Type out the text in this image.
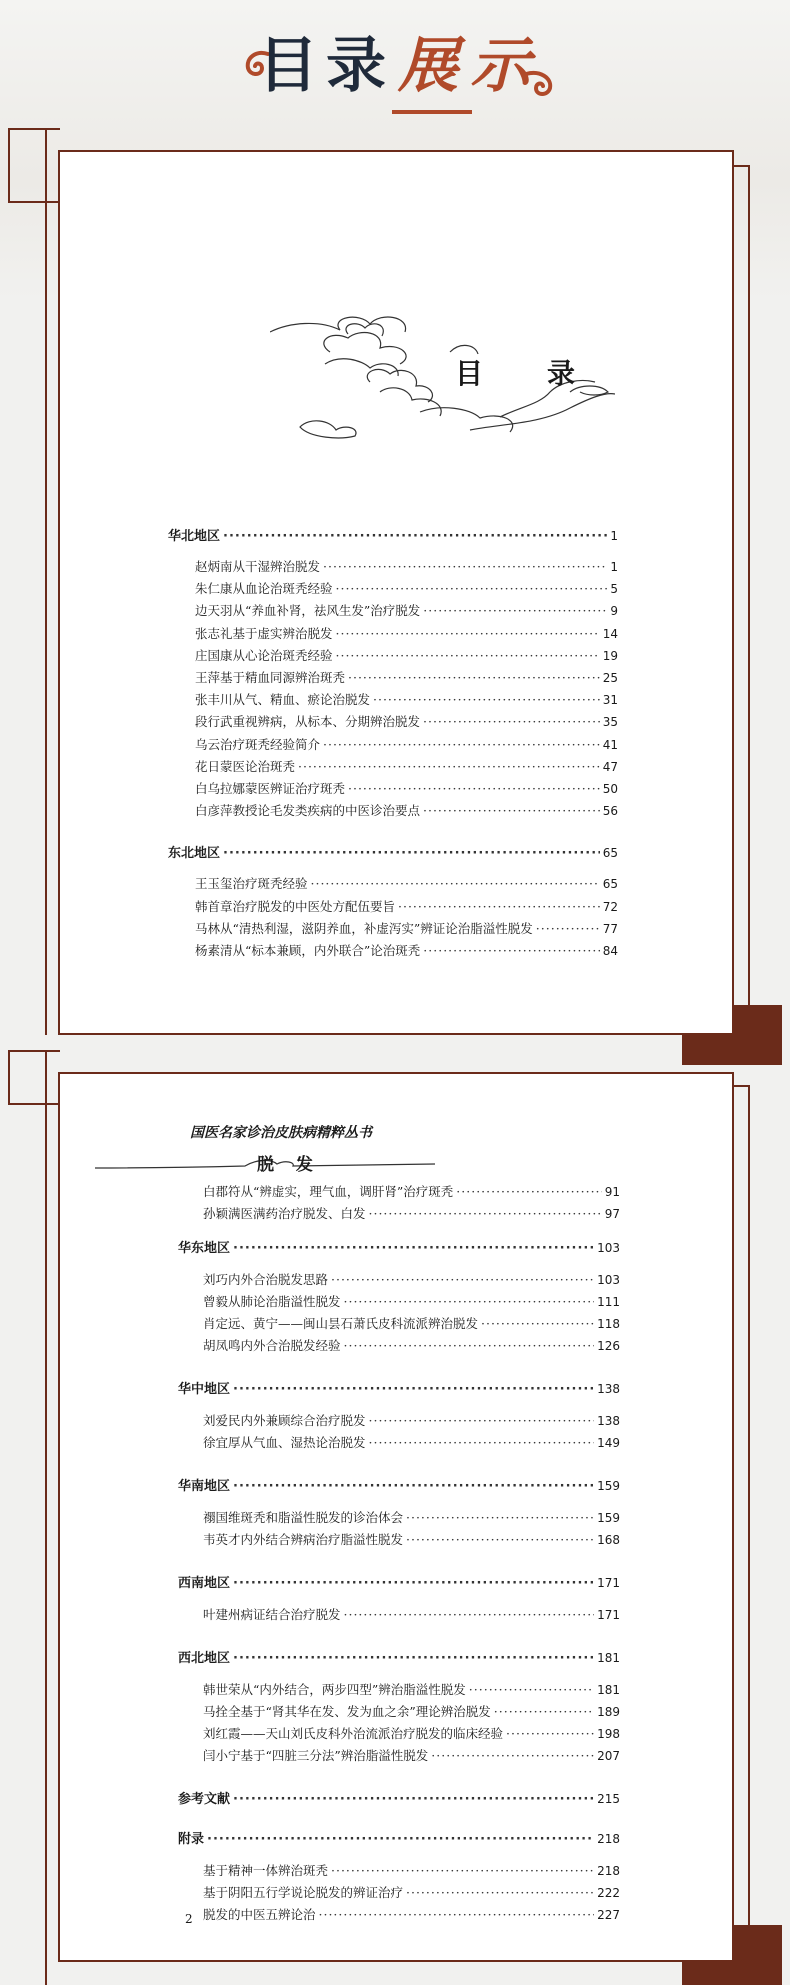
目 录 展 示
目　录
华北地区 ·····	1
赵炳南从干湿辨治脱发 ·····	1
朱仁康从血论治斑秃经验 ·····	5
边天羽从“养血补肾，祛风生发”治疗脱发 ·····	9
张志礼基于虚实辨治脱发 ·····	14
庄国康从心论治斑秃经验 ·····	19
王萍基于精血同源辨治斑秃 ·····	25
张丰川从气、精血、瘀论治脱发 ·····	31
段行武重视辨病，从标本、分期辨治脱发 ·····	35
乌云治疗斑秃经验简介 ·····	41
花日蒙医论治斑秃 ·····	47
白乌拉娜蒙医辨证治疗斑秃 ·····	50
白彦萍教授论毛发类疾病的中医诊治要点 ·····	56
东北地区 ·····	65
王玉玺治疗斑秃经验 ·····	65
韩首章治疗脱发的中医处方配伍要旨 ·····	72
马林从“清热利湿，滋阴养血，补虚泻实”辨证论治脂溢性脱发 ·····	77
杨素清从“标本兼顾，内外联合”论治斑秃 ·····	84
国医名家诊治皮肤病精粹丛书
脱 发
白郡符从“辨虚实，理气血，调肝肾”治疗斑秃 ·····	91
孙颖满医满药治疗脱发、白发 ·····	97
华东地区 ·····	103
刘巧内外合治脱发思路 ·····	103
曾毅从肺论治脂溢性脱发 ·····	111
肖定远、黄宁——闽山昙石萧氏皮科流派辨治脱发 ·····	118
胡凤鸣内外合治脱发经验 ·····	126
华中地区 ·····	138
刘爱民内外兼顾综合治疗脱发 ·····	138
徐宜厚从气血、湿热论治脱发 ·····	149
华南地区 ·····	159
禤国维斑秃和脂溢性脱发的诊治体会 ·····	159
韦英才内外结合辨病治疗脂溢性脱发 ·····	168
西南地区 ·····	171
叶建州病证结合治疗脱发 ·····	171
西北地区 ·····	181
韩世荣从“内外结合，两步四型”辨治脂溢性脱发 ·····	181
马拴全基于“肾其华在发、发为血之余”理论辨治脱发 ·····	189
刘红霞——天山刘氏皮科外治流派治疗脱发的临床经验 ·····	198
闫小宁基于“四脏三分法”辨治脂溢性脱发 ·····	207
参考文献 ·····	215
附录 ·····	218
基于精神一体辨治斑秃 ·····	218
基于阴阳五行学说论脱发的辨证治疗 ·····	222
脱发的中医五辨论治 ·····	227
2
